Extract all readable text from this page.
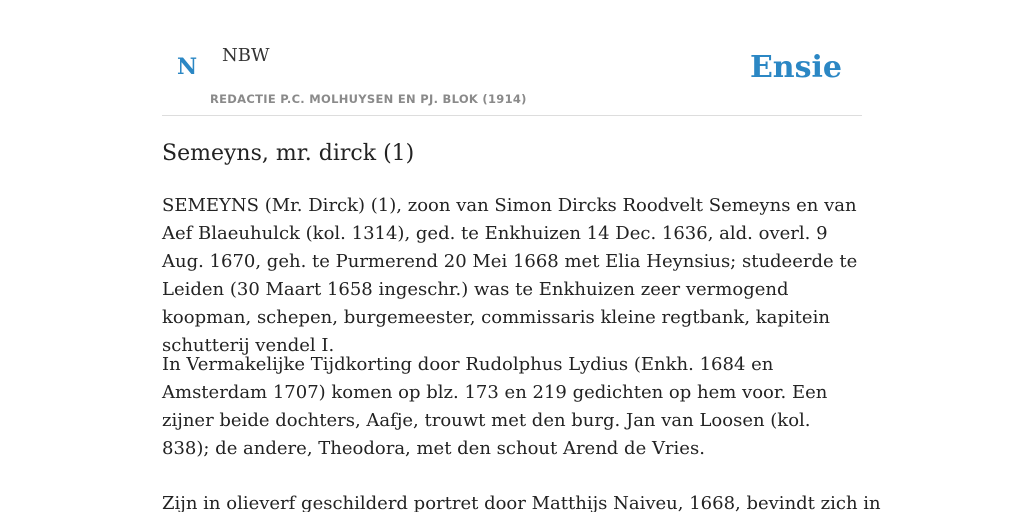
N NBW
REDACTIE P.C. MOLHUYSEN EN PJ. BLOK (1914)
Ensie
Semeyns, mr. dirck (1)

SEMEYNS (Mr. Dirck) (1), zoon van Simon Dircks Roodvelt Semeyns en van Aef Blaeuhulck (kol. 1314), ged. te Enkhuizen 14 Dec. 1636, ald. overl. 9 Aug. 1670, geh. te Purmerend 20 Mei 1668 met Elia Heynsius; studeerde te Leiden (30 Maart 1658 ingeschr.) was te Enkhuizen zeer vermogend koopman, schepen, burgemeester, commissaris kleine regtbank, kapitein schutterij vendel I.

In Vermakelijke Tijdkorting door Rudolphus Lydius (Enkh. 1684 en Amsterdam 1707) komen op blz. 173 en 219 gedichten op hem voor. Een zijner beide dochters, Aafje, trouwt met den burg. Jan van Loosen (kol. 838); de andere, Theodora, met den schout Arend de Vries.

Zijn in olieverf geschilderd portret door Matthijs Naiveu, 1668, bevindt zich in
